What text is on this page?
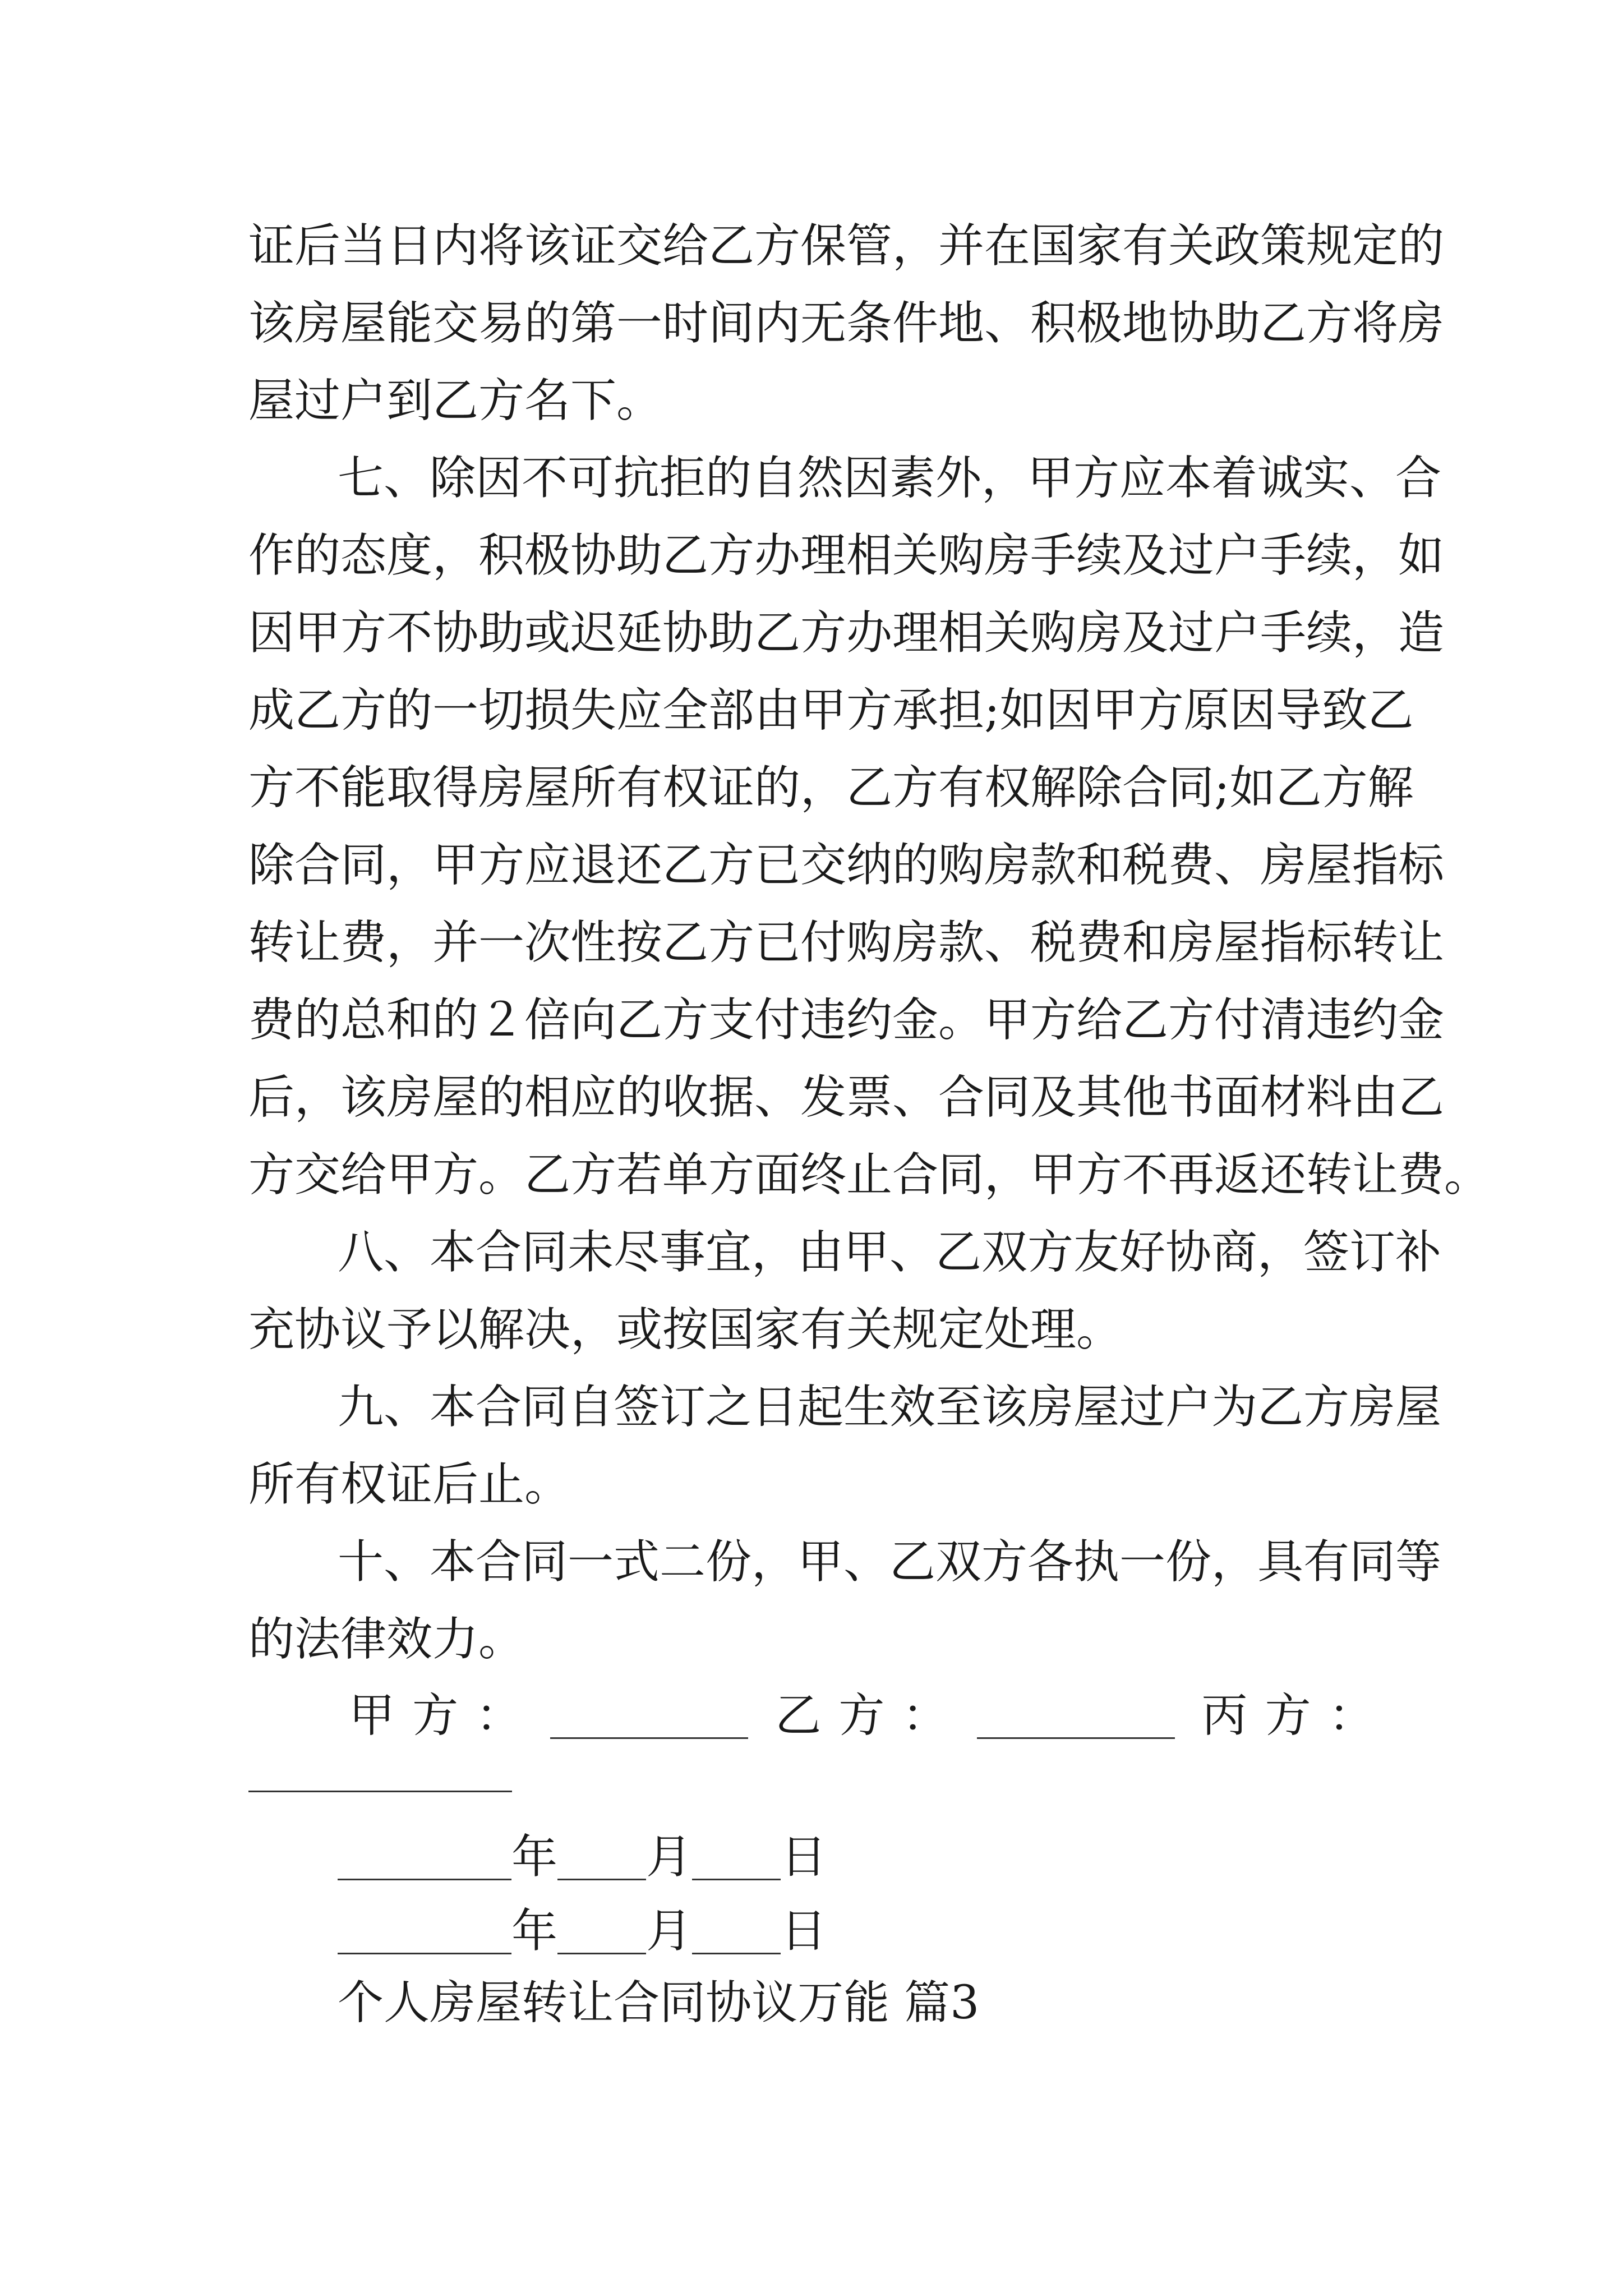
证后当日内将该证交给乙方保管，并在国家有关政策规定的
该房屋能交易的第一时间内无条件地、积极地协助乙方将房
屋过户到乙方名下。
七、除因不可抗拒的自然因素外，甲方应本着诚实、合
作的态度，积极协助乙方办理相关购房手续及过户手续，如
因甲方不协助或迟延协助乙方办理相关购房及过户手续，造
成乙方的一切损失应全部由甲方承担;如因甲方原因导致乙
方不能取得房屋所有权证的，乙方有权解除合同;如乙方解
除合同，甲方应退还乙方已交纳的购房款和税费、房屋指标
转让费，并一次性按乙方已付购房款、税费和房屋指标转让
费的总和的２倍向乙方支付违约金。甲方给乙方付清违约金
后，该房屋的相应的收据、发票、合同及其他书面材料由乙
方交给甲方。乙方若单方面终止合同，甲方不再返还转让费。
八、本合同未尽事宜，由甲、乙双方友好协商，签订补
充协议予以解决，或按国家有关规定处理。
九、本合同自签订之日起生效至该房屋过户为乙方房屋
所有权证后止。
十、本合同一式二份，甲、乙双方各执一份，具有同等
的法律效力。
甲方：	乙方：	丙方：
年 月 日
年 月 日
个人房屋转让合同协议万能 篇3
